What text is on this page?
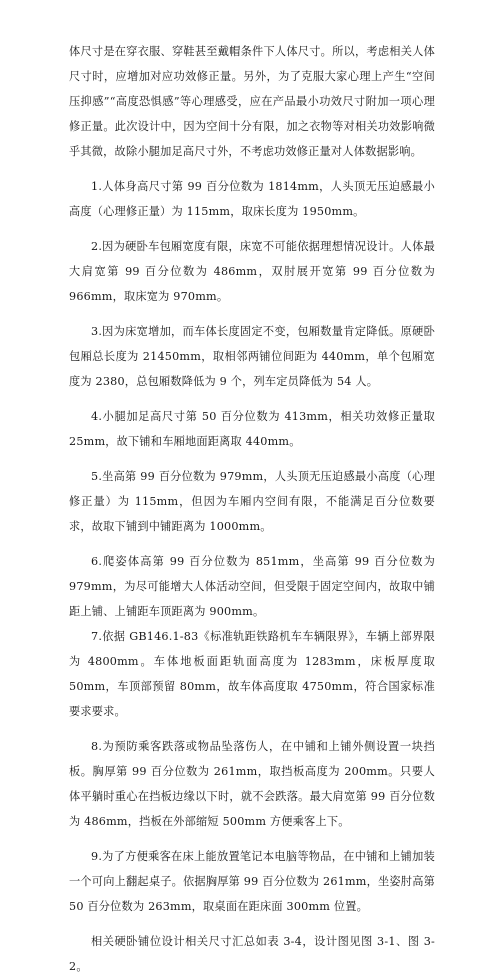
体尺寸是在穿衣服、穿鞋甚至戴帽条件下人体尺寸。所以，考虑相关人体尺寸时，应增加对应功效修正量。另外，为了克服大家心理上产生“空间压抑感”“高度恐惧感”等心理感受，应在产品最小功效尺寸附加一项心理修正量。此次设计中，因为空间十分有限，加之衣物等对相关功效影响微乎其微，故除小腿加足高尺寸外，不考虑功效修正量对人体数据影响。

1.人体身高尺寸第 99 百分位数为 1814mm，人头顶无压迫感最小高度（心理修正量）为 115mm，取床长度为 1950mm。

2.因为硬卧车包厢宽度有限，床宽不可能依据理想情况设计。人体最大肩宽第 99 百分位数为 486mm，双肘展开宽第 99 百分位数为 966mm，取床宽为 970mm。

3.因为床宽增加，而车体长度固定不变，包厢数量肯定降低。原硬卧包厢总长度为 21450mm，取相邻两铺位间距为 440mm，单个包厢宽度为 2380，总包厢数降低为 9 个，列车定员降低为 54 人。

4.小腿加足高尺寸第 50 百分位数为 413mm，相关功效修正量取 25mm，故下铺和车厢地面距离取 440mm。

5.坐高第 99 百分位数为 979mm，人头顶无压迫感最小高度（心理修正量）为 115mm，但因为车厢内空间有限，不能满足百分位数要求，故取下铺到中铺距离为 1000mm。

6.爬姿体高第 99 百分位数为 851mm，坐高第 99 百分位数为 979mm，为尽可能增大人体活动空间，但受限于固定空间内，故取中铺距上铺、上铺距车顶距离为 900mm。

7.依据 GB146.1-83《标准轨距铁路机车车辆限界》，车辆上部界限为 4800mm。车体地板面距轨面高度为 1283mm，床板厚度取 50mm，车顶部预留 80mm，故车体高度取 4750mm，符合国家标准要求要求。

8.为预防乘客跌落或物品坠落伤人，在中铺和上铺外侧设置一块挡板。胸厚第 99 百分位数为 261mm，取挡板高度为 200mm。只要人体平躺时重心在挡板边缘以下时，就不会跌落。最大肩宽第 99 百分位数为 486mm，挡板在外部缩短 500mm 方便乘客上下。

9.为了方便乘客在床上能放置笔记本电脑等物品，在中铺和上铺加装一个可向上翻起桌子。依据胸厚第 99 百分位数为 261mm，坐姿肘高第 50 百分位数为 263mm，取桌面在距床面 300mm 位置。

相关硬卧铺位设计相关尺寸汇总如表 3-4，设计图见图 3-1、图 3-2。
